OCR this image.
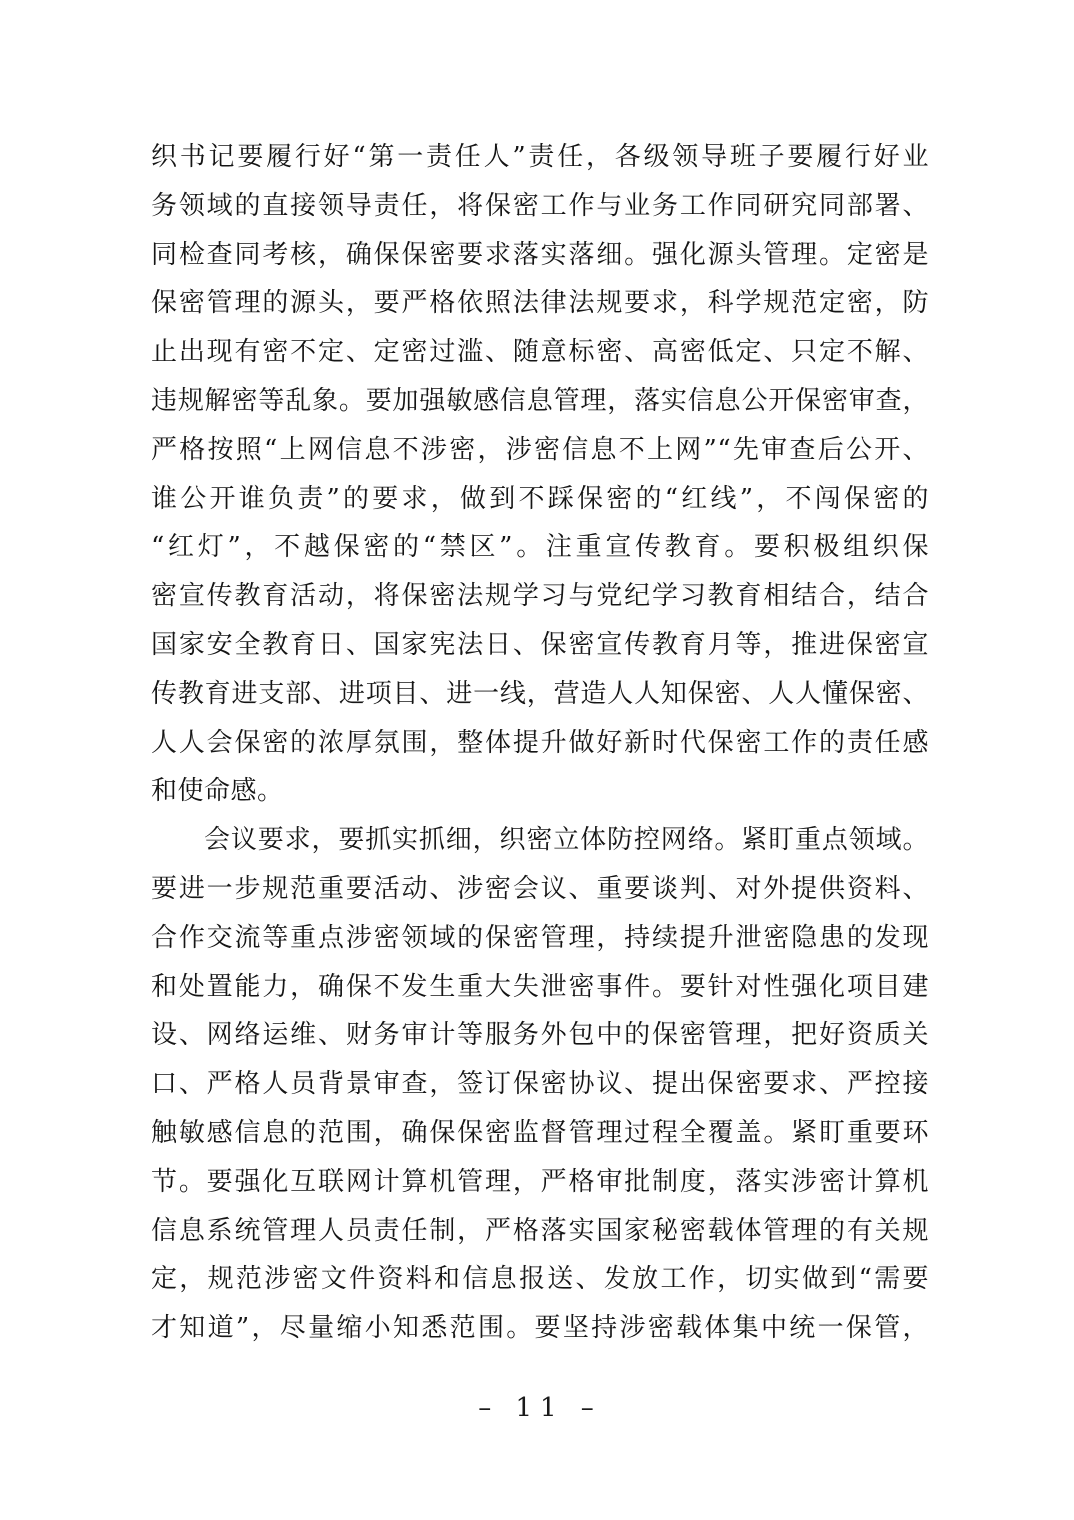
织书记要履行好“第一责任人”责任，各级领导班子要履行好业
务领域的直接领导责任，将保密工作与业务工作同研究同部署、
同检查同考核，确保保密要求落实落细。强化源头管理。定密是
保密管理的源头，要严格依照法律法规要求，科学规范定密，防
止出现有密不定、定密过滥、随意标密、高密低定、只定不解、
违规解密等乱象。要加强敏感信息管理，落实信息公开保密审查，
严格按照“上网信息不涉密，涉密信息不上网”“先审查后公开、
谁公开谁负责”的要求，做到不踩保密的“红线”，不闯保密的
“红灯”，不越保密的“禁区”。注重宣传教育。要积极组织保
密宣传教育活动，将保密法规学习与党纪学习教育相结合，结合
国家安全教育日、国家宪法日、保密宣传教育月等，推进保密宣
传教育进支部、进项目、进一线，营造人人知保密、人人懂保密、
人人会保密的浓厚氛围，整体提升做好新时代保密工作的责任感
和使命感。
会议要求，要抓实抓细，织密立体防控网络。紧盯重点领域。
要进一步规范重要活动、涉密会议、重要谈判、对外提供资料、
合作交流等重点涉密领域的保密管理，持续提升泄密隐患的发现
和处置能力，确保不发生重大失泄密事件。要针对性强化项目建
设、网络运维、财务审计等服务外包中的保密管理，把好资质关
口、严格人员背景审查，签订保密协议、提出保密要求、严控接
触敏感信息的范围，确保保密监督管理过程全覆盖。紧盯重要环
节。要强化互联网计算机管理，严格审批制度，落实涉密计算机
信息系统管理人员责任制，严格落实国家秘密载体管理的有关规
定，规范涉密文件资料和信息报送、发放工作，切实做到“需要
才知道”，尽量缩小知悉范围。要坚持涉密载体集中统一保管，
– 11 –
